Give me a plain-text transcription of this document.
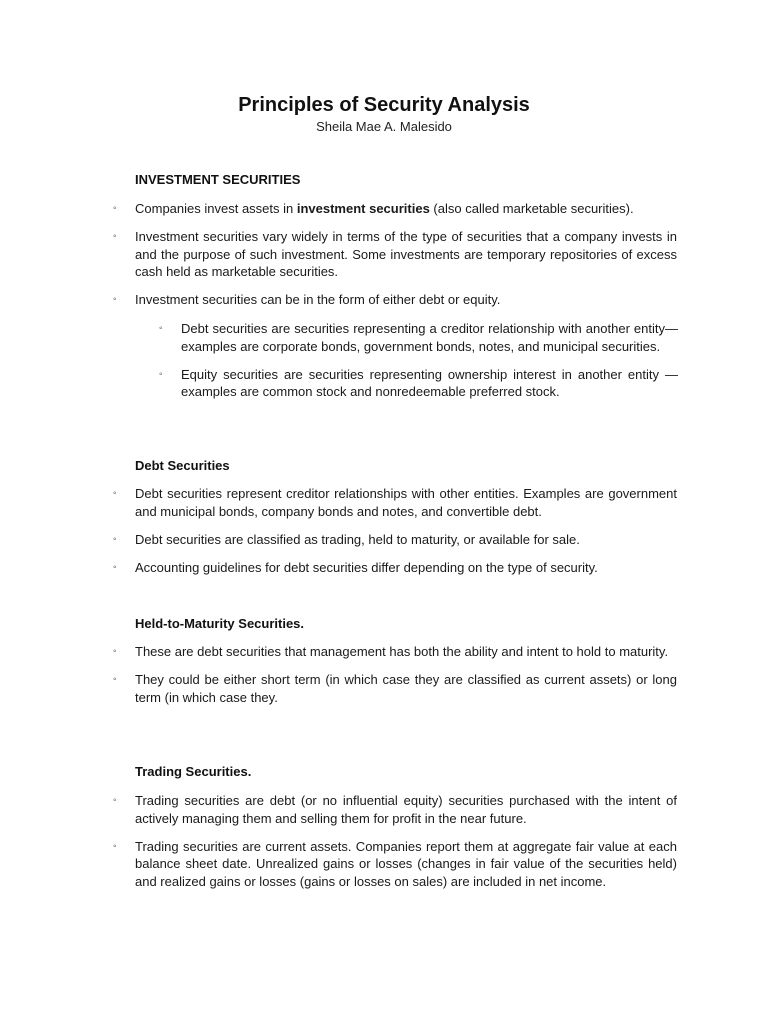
Principles of Security Analysis

Sheila Mae A. Malesido

INVESTMENT SECURITIES
◦ Companies invest assets in investment securities (also called marketable securities).
◦ Investment securities vary widely in terms of the type of securities that a company invests in and the purpose of such investment. Some investments are temporary repositories of excess cash held as marketable securities.
◦ Investment securities can be in the form of either debt or equity.
◦ Debt securities are securities representing a creditor relationship with another entity—examples are corporate bonds, government bonds, notes, and municipal securities.
◦ Equity securities are securities representing ownership interest in another entity —examples are common stock and nonredeemable preferred stock.
Debt Securities
◦ Debt securities represent creditor relationships with other entities. Examples are government and municipal bonds, company bonds and notes, and convertible debt.
◦ Debt securities are classified as trading, held to maturity, or available for sale.
◦ Accounting guidelines for debt securities differ depending on the type of security.
Held-to-Maturity Securities.
◦ These are debt securities that management has both the ability and intent to hold to maturity.
◦ They could be either short term (in which case they are classified as current assets) or long term (in which case they.
Trading Securities.
◦ Trading securities are debt (or no influential equity) securities purchased with the intent of actively managing them and selling them for profit in the near future.
◦ Trading securities are current assets. Companies report them at aggregate fair value at each balance sheet date. Unrealized gains or losses (changes in fair value of the securities held) and realized gains or losses (gains or losses on sales) are included in net income.
